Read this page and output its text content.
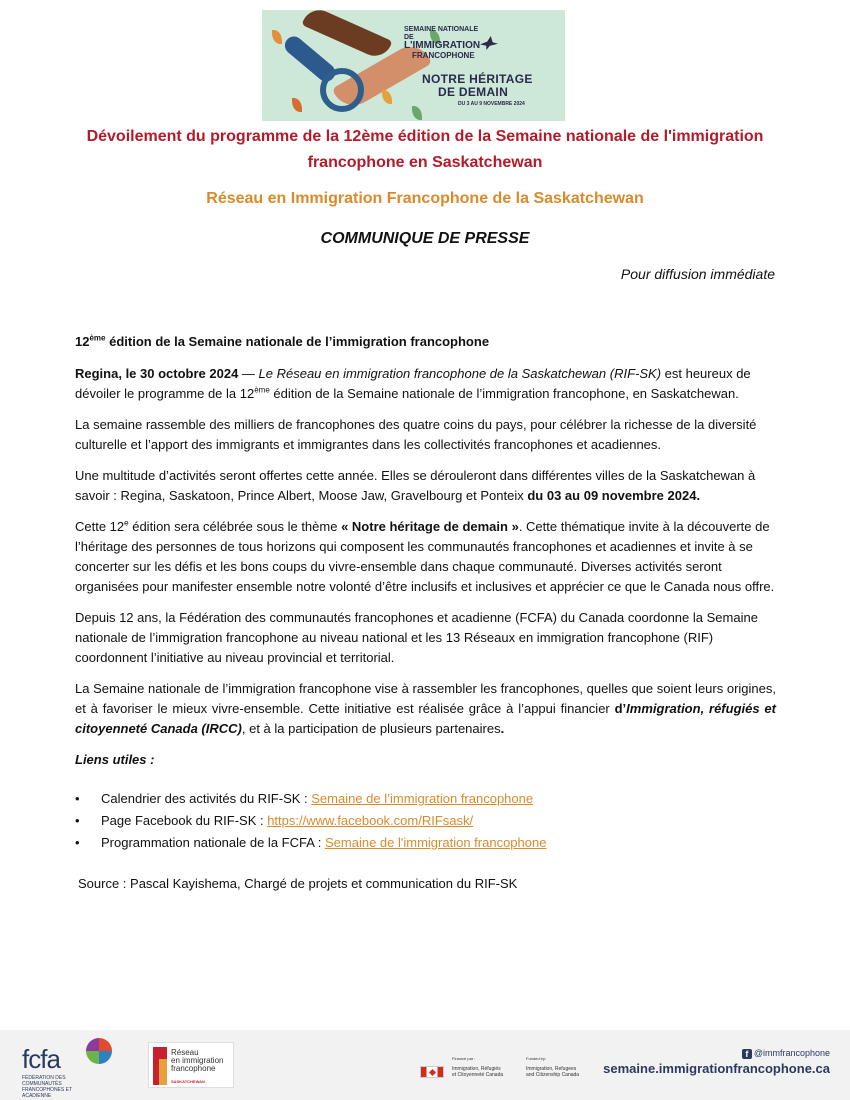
SEMAINE NATIONALE
DE
L'IMMIGRATION
FRANCOPHONE
NOTRE HÉRITAGE
DE DEMAIN
DU 3 AU 9 NOVEMBRE 2024
Dévoilement du programme de la 12ème édition de la Semaine nationale de l'immigration
francophone en Saskatchewan
Réseau en Immigration Francophone de la Saskatchewan
COMMUNIQUE DE PRESSE
Pour diffusion immédiate

12ème édition de la Semaine nationale de l’immigration francophone

Regina, le 30 octobre 2024 — Le Réseau en immigration francophone de la Saskatchewan (RIF-SK) est heureux de dévoiler le programme de la 12ème édition de la Semaine nationale de l’immigration francophone, en Saskatchewan.

La semaine rassemble des milliers de francophones des quatre coins du pays, pour célébrer la richesse de la diversité culturelle et l’apport des immigrants et immigrantes dans les collectivités francophones et acadiennes.

Une multitude d’activités seront offertes cette année. Elles se dérouleront dans différentes villes de la Saskatchewan à savoir : Regina, Saskatoon, Prince Albert, Moose Jaw, Gravelbourg et Ponteix du 03 au 09 novembre 2024.

Cette 12e édition sera célébrée sous le thème « Notre héritage de demain ». Cette thématique invite à la découverte de l’héritage des personnes de tous horizons qui composent les communautés francophones et acadiennes et invite à se concerter sur les défis et les bons coups du vivre-ensemble dans chaque communauté. Diverses activités seront organisées pour manifester ensemble notre volonté d’être inclusifs et inclusives et apprécier ce que le Canada nous offre.

Depuis 12 ans, la Fédération des communautés francophones et acadienne (FCFA) du Canada coordonne la Semaine nationale de l’immigration francophone au niveau national et les 13 Réseaux en immigration francophone (RIF) coordonnent l’initiative au niveau provincial et territorial.

La Semaine nationale de l’immigration francophone vise à rassembler les francophones, quelles que soient leurs origines, et à favoriser le mieux vivre-ensemble. Cette initiative est réalisée grâce à l’appui financier d’Immigration, réfugiés et citoyenneté Canada (IRCC), et à la participation de plusieurs partenaires.

Liens utiles :

• Calendrier des activités du RIF-SK : Semaine de l’immigration francophone
• Page Facebook du RIF-SK : https://www.facebook.com/RIFsask/
• Programmation nationale de la FCFA : Semaine de l'immigration francophone

Source : Pascal Kayishema, Chargé de projets et communication du RIF-SK

fcfa
FÉDÉRATION DES COMMUNAUTÉS FRANCOPHONES ET ACADIENNE
Réseau
en immigration
francophone
SASKATCHEWAN
Financé par :
Immigration, Réfugiés
et Citoyenneté Canada
Funded by:
Immigration, Refugees
and Citizenship Canada
f @immfrancophone
semaine.immigrationfrancophone.ca
